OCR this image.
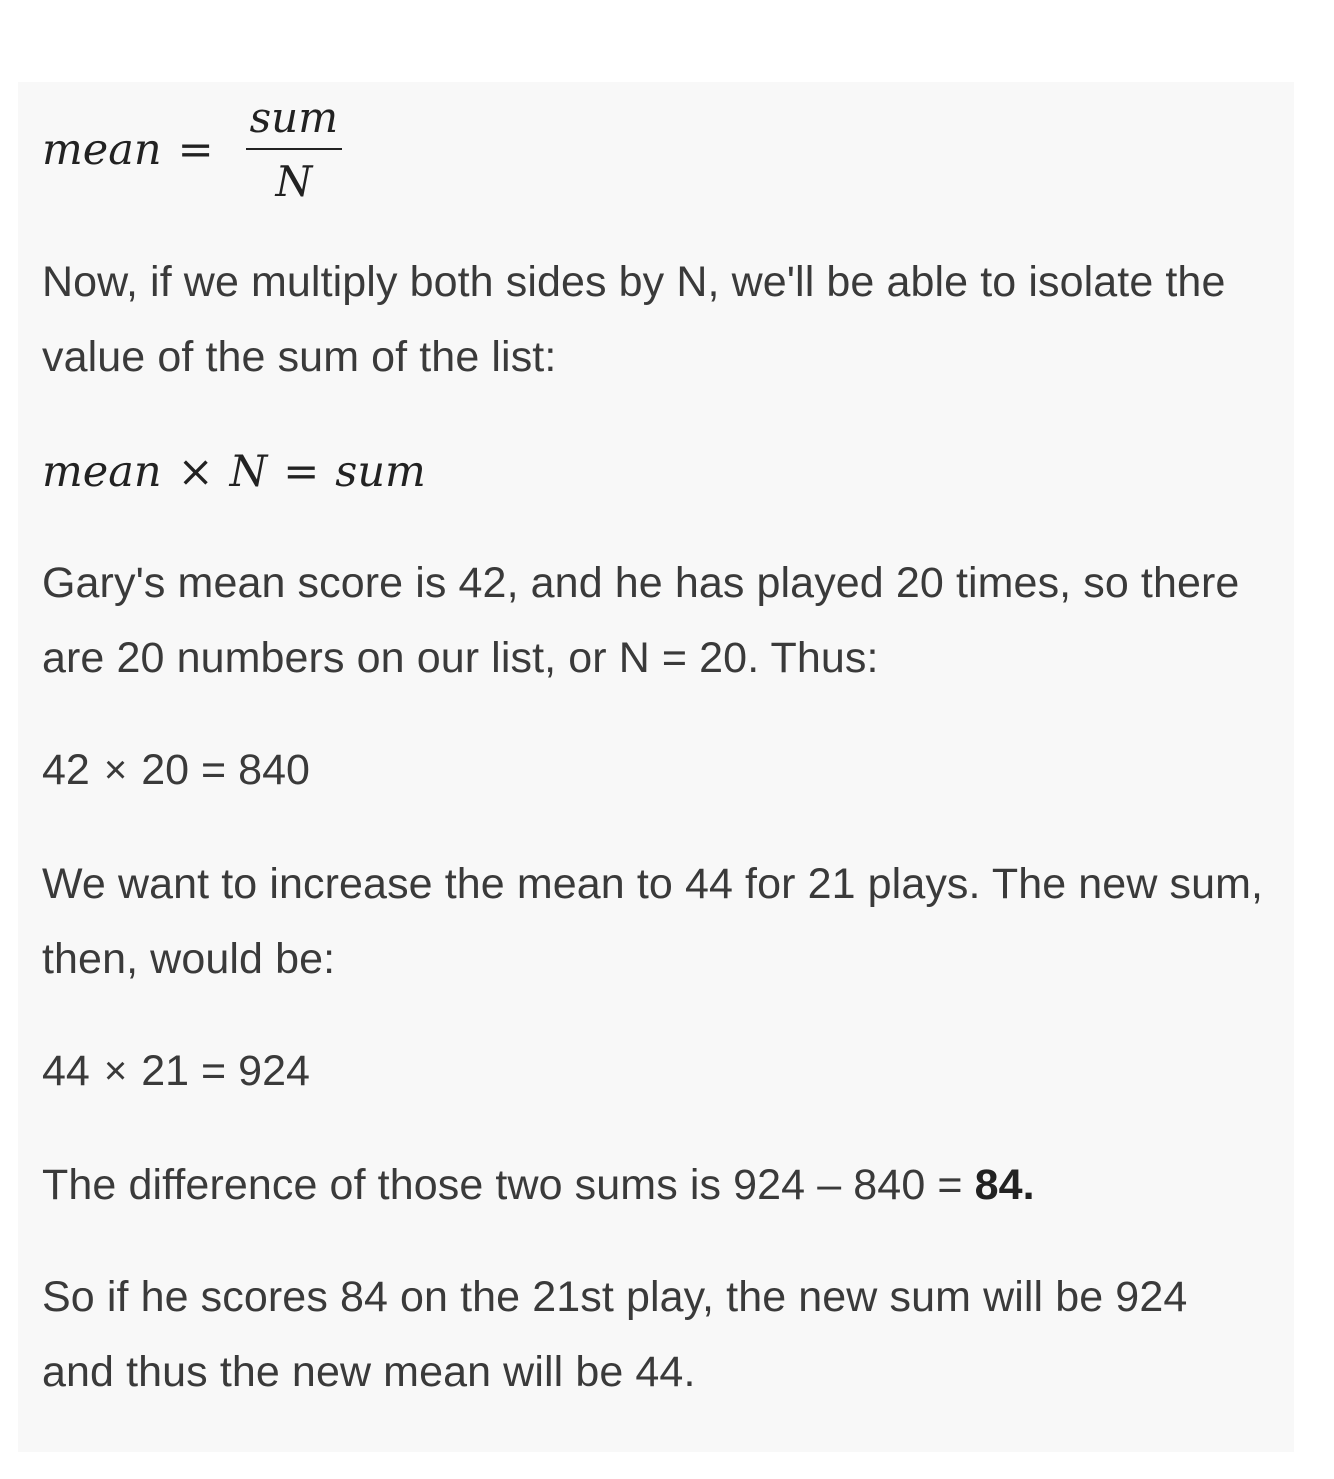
mean = $\frac{\text{sum}}{N}$

Now, if we multiply both sides by N, we'll be able to isolate the value of the sum of the list:

mean × N = sum

Gary's mean score is 42, and he has played 20 times, so there are 20 numbers on our list, or N = 20. Thus:

42 × 20 = 840

We want to increase the mean to 44 for 21 plays. The new sum, then, would be:

44 × 21 = 924

The difference of those two sums is 924 – 840 = 84.

So if he scores 84 on the 21st play, the new sum will be 924 and thus the new mean will be 44.
